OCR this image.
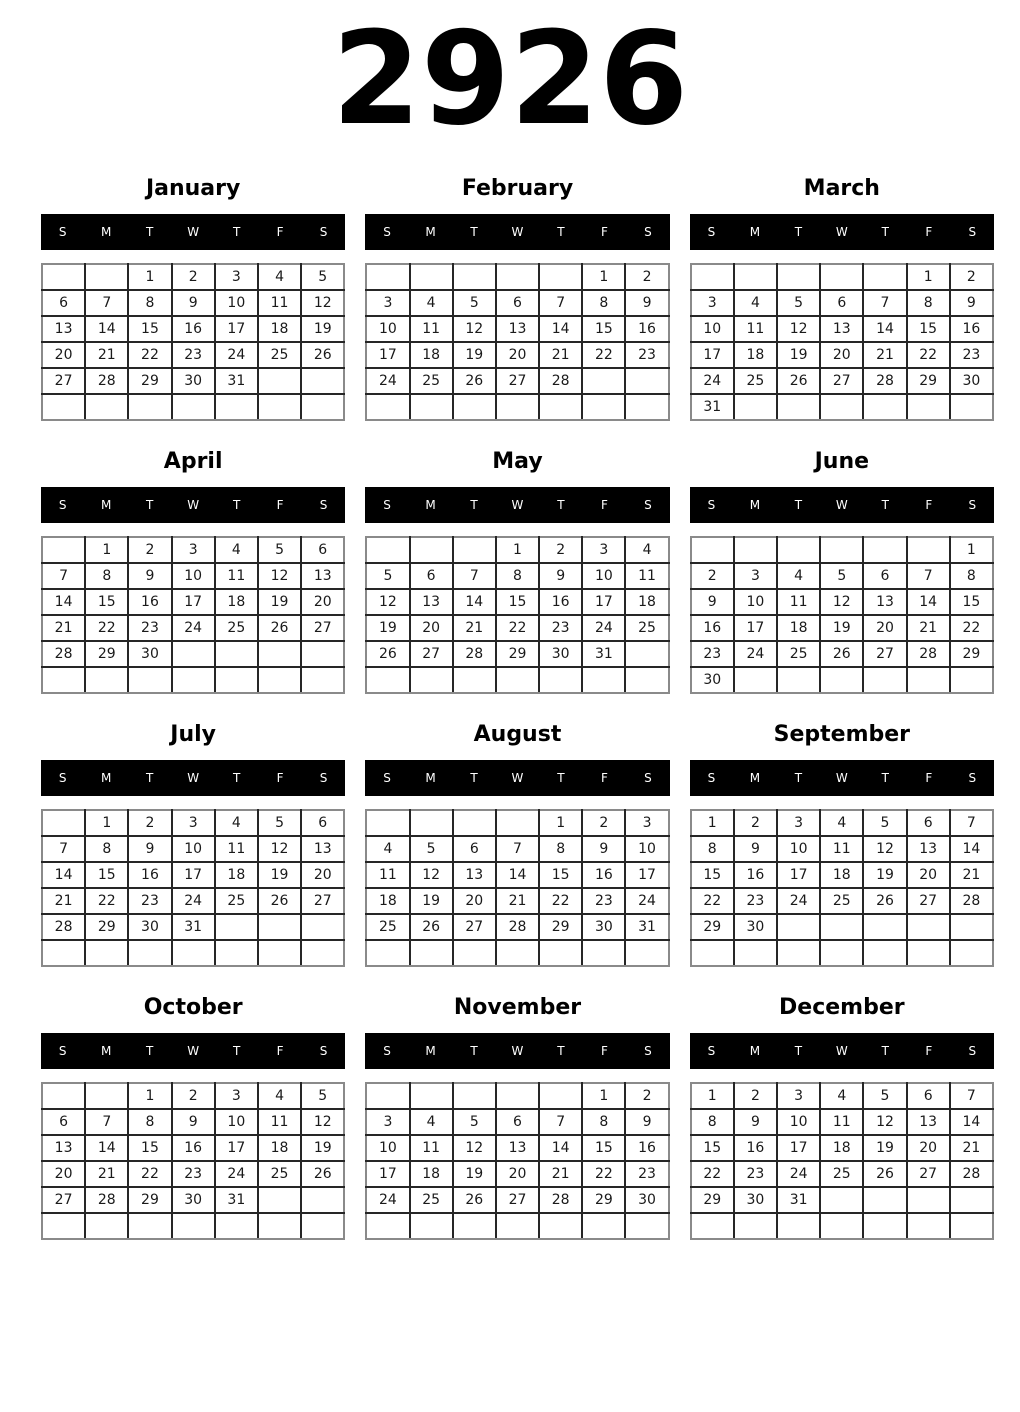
2926
January
S	M	T	W	T	F	S
		1	2	3	4	5
6	7	8	9	10	11	12
13	14	15	16	17	18	19
20	21	22	23	24	25	26
27	28	29	30	31		

February
S	M	T	W	T	F	S
					1	2
3	4	5	6	7	8	9
10	11	12	13	14	15	16
17	18	19	20	21	22	23
24	25	26	27	28		

March
S	M	T	W	T	F	S
					1	2
3	4	5	6	7	8	9
10	11	12	13	14	15	16
17	18	19	20	21	22	23
24	25	26	27	28	29	30
31						
April
S	M	T	W	T	F	S
	1	2	3	4	5	6
7	8	9	10	11	12	13
14	15	16	17	18	19	20
21	22	23	24	25	26	27
28	29	30				

May
S	M	T	W	T	F	S
			1	2	3	4
5	6	7	8	9	10	11
12	13	14	15	16	17	18
19	20	21	22	23	24	25
26	27	28	29	30	31	

June
S	M	T	W	T	F	S
						1
2	3	4	5	6	7	8
9	10	11	12	13	14	15
16	17	18	19	20	21	22
23	24	25	26	27	28	29
30						
July
S	M	T	W	T	F	S
	1	2	3	4	5	6
7	8	9	10	11	12	13
14	15	16	17	18	19	20
21	22	23	24	25	26	27
28	29	30	31			

August
S	M	T	W	T	F	S
				1	2	3
4	5	6	7	8	9	10
11	12	13	14	15	16	17
18	19	20	21	22	23	24
25	26	27	28	29	30	31

September
S	M	T	W	T	F	S
1	2	3	4	5	6	7
8	9	10	11	12	13	14
15	16	17	18	19	20	21
22	23	24	25	26	27	28
29	30					

October
S	M	T	W	T	F	S
		1	2	3	4	5
6	7	8	9	10	11	12
13	14	15	16	17	18	19
20	21	22	23	24	25	26
27	28	29	30	31		

November
S	M	T	W	T	F	S
					1	2
3	4	5	6	7	8	9
10	11	12	13	14	15	16
17	18	19	20	21	22	23
24	25	26	27	28	29	30

December
S	M	T	W	T	F	S
1	2	3	4	5	6	7
8	9	10	11	12	13	14
15	16	17	18	19	20	21
22	23	24	25	26	27	28
29	30	31				
